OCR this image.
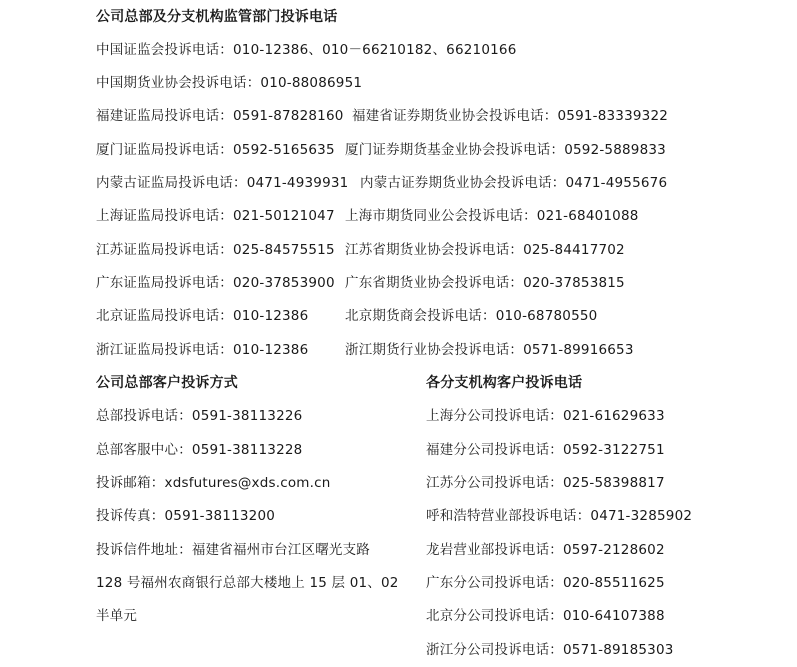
公司总部及分支机构监管部门投诉电话
中国证监会投诉电话：010-12386、010－66210182、66210166
中国期货业协会投诉电话：010-88086951
福建证监局投诉电话：0591-87828160 福建省证券期货业协会投诉电话：0591-83339322
厦门证监局投诉电话：0592-5165635 厦门证券期货基金业协会投诉电话：0592-5889833
内蒙古证监局投诉电话：0471-4939931 内蒙古证券期货业协会投诉电话：0471-4955676
上海证监局投诉电话：021-50121047 上海市期货同业公会投诉电话：021-68401088
江苏证监局投诉电话：025-84575515 江苏省期货业协会投诉电话：025-84417702
广东证监局投诉电话：020-37853900 广东省期货业协会投诉电话：020-37853815
北京证监局投诉电话：010-12386	北京期货商会投诉电话：010-68780550
浙江证监局投诉电话：010-12386	浙江期货行业协会投诉电话：0571-89916653
公司总部客户投诉方式
总部投诉电话：0591-38113226
总部客服中心：0591-38113228
投诉邮箱：xdsfutures@xds.com.cn
投诉传真：0591-38113200
投诉信件地址：福建省福州市台江区曙光支路
128 号福州农商银行总部大楼地上 15 层 01、02
半单元
各分支机构客户投诉电话
上海分公司投诉电话：021-61629633
福建分公司投诉电话：0592-3122751
江苏分公司投诉电话：025-58398817
呼和浩特营业部投诉电话：0471-3285902
龙岩营业部投诉电话：0597-2128602
广东分公司投诉电话：020-85511625
北京分公司投诉电话：010-64107388
浙江分公司投诉电话：0571-89185303
